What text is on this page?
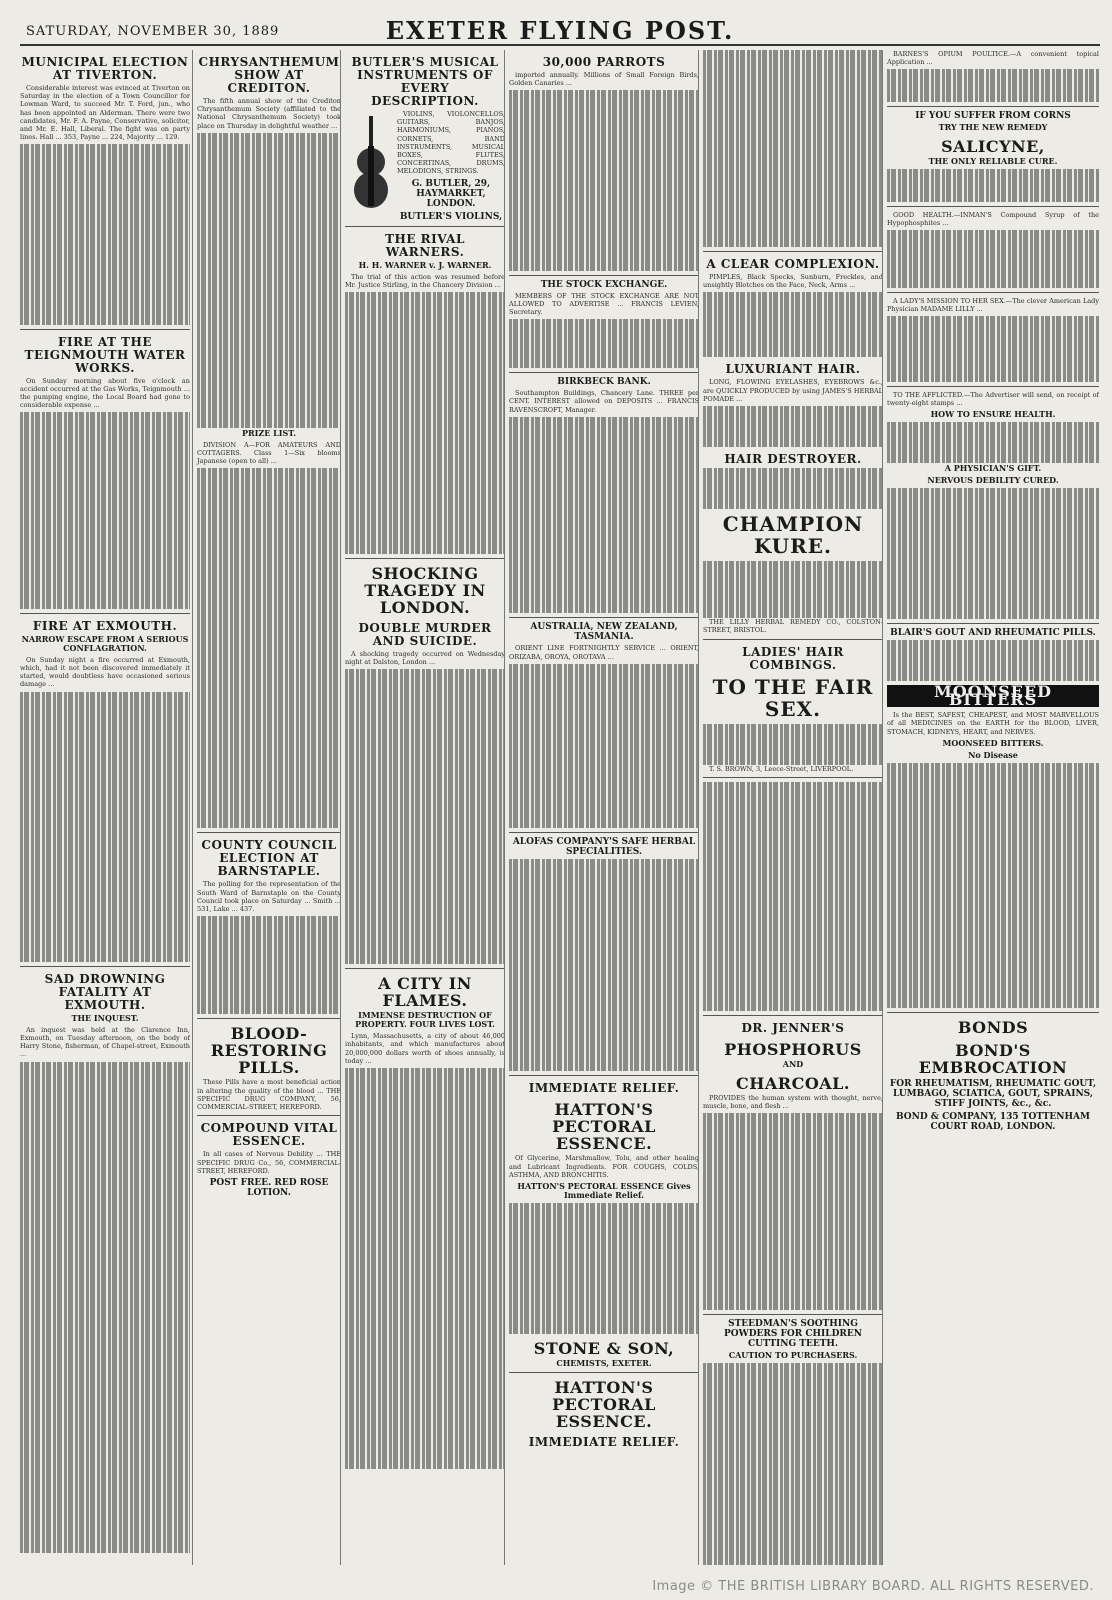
SATURDAY, NOVEMBER 30, 1889	EXETER FLYING POST.
MUNICIPAL ELECTION AT TIVERTON.

Considerable interest was evinced at Tiverton on Saturday in the election of a Town Councillor for Lowman Ward, to succeed Mr. T. Ford, jun., who has been appointed an Alderman. There were two candidates, Mr. F. A. Payne, Conservative, solicitor, and Mr. E. Hall, Liberal. The fight was on party lines. Hall ... 353, Payne ... 224, Majority ... 129.

FIRE AT THE TEIGNMOUTH WATER WORKS.

On Sunday morning about five o'clock an accident occurred at the Gas Works, Teignmouth ... the pumping engine, the Local Board had gone to considerable expense ...

FIRE AT EXMOUTH.
NARROW ESCAPE FROM A SERIOUS CONFLAGRATION.

On Sunday night a fire occurred at Exmouth, which, had it not been discovered immediately it started, would doubtless have occasioned serious damage ...

SAD DROWNING FATALITY AT EXMOUTH.
THE INQUEST.

An inquest was held at the Clarence Inn, Exmouth, on Tuesday afternoon, on the body of Harry Stone, fisherman, of Chapel-street, Exmouth ...

CHRYSANTHEMUM SHOW AT CREDITON.

The fifth annual show of the Crediton Chrysanthemum Society (affiliated to the National Chrysanthemum Society) took place on Thursday in delightful weather ...

PRIZE LIST.

DIVISION A—FOR AMATEURS AND COTTAGERS. Class 1—Six blooms Japanese (open to all) ...

COUNTY COUNCIL ELECTION AT BARNSTAPLE.

The polling for the representation of the South Ward of Barnstaple on the County Council took place on Saturday ... Smith ... 531, Lake ... 437.

BLOOD-RESTORING PILLS.

These Pills have a most beneficial action in altering the quality of the blood ... THE SPECIFIC DRUG COMPANY, 56, COMMERCIAL-STREET, HEREFORD.

COMPOUND VITAL ESSENCE.

In all cases of Nervous Debility ... THE SPECIFIC DRUG Co., 56, COMMERCIAL-STREET, HEREFORD.

POST FREE. RED ROSE LOTION.
BUTLER'S MUSICAL INSTRUMENTS OF EVERY DESCRIPTION.

VIOLINS, VIOLONCELLOS, GUITARS, BANJOS, HARMONIUMS, PIANOS, CORNETS, BAND INSTRUMENTS, MUSICAL BOXES, FLUTES, CONCERTINAS, DRUMS, MELODIONS, STRINGS.

G. BUTLER, 29, HAYMARKET, LONDON.
BUTLER'S VIOLINS,
THE RIVAL WARNERS.
H. H. WARNER v. J. WARNER.

The trial of this action was resumed before Mr. Justice Stirling, in the Chancery Division ...

SHOCKING TRAGEDY IN LONDON.
DOUBLE MURDER AND SUICIDE.

A shocking tragedy occurred on Wednesday night at Dalston, London ...

A CITY IN FLAMES.
IMMENSE DESTRUCTION OF PROPERTY. FOUR LIVES LOST.

Lynn, Massachusetts, a city of about 46,000 inhabitants, and which manufactures about 20,000,000 dollars worth of shoes annually, is today ...

30,000 PARROTS

imported annually. Millions of Small Foreign Birds, Golden Canaries ...

THE STOCK EXCHANGE.

MEMBERS OF THE STOCK EXCHANGE ARE NOT ALLOWED TO ADVERTISE ... FRANCIS LEVIEN, Secretary.

BIRKBECK BANK.

Southampton Buildings, Chancery Lane. THREE per CENT. INTEREST allowed on DEPOSITS ... FRANCIS RAVENSCROFT, Manager.

AUSTRALIA, NEW ZEALAND, TASMANIA.

ORIENT LINE FORTNIGHTLY SERVICE ... ORIENT, ORIZABA, OROYA, OROTAVA ...

ALOFAS COMPANY'S SAFE HERBAL SPECIALITIES.
IMMEDIATE RELIEF.
HATTON'S PECTORAL ESSENCE.

Of Glycerine, Marshmallow, Tolu, and other healing and Lubricant Ingredients. FOR COUGHS, COLDS, ASTHMA, AND BRONCHITIS.

HATTON'S PECTORAL ESSENCE Gives Immediate Relief.
STONE & SON,
CHEMISTS, EXETER.
HATTON'S PECTORAL ESSENCE.
IMMEDIATE RELIEF.
A CLEAR COMPLEXION.

PIMPLES, Black Specks, Sunburn, Freckles, and unsightly Blotches on the Face, Neck, Arms ...

LUXURIANT HAIR.

LONG, FLOWING EYELASHES, EYEBROWS &c., are QUICKLY PRODUCED by using JAMES'S HERBAL POMADE ...

HAIR DESTROYER.
CHAMPION KURE.

THE LILLY HERBAL REMEDY CO., COLSTON-STREET, BRISTOL.

LADIES' HAIR COMBINGS.
TO THE FAIR SEX.

T. S. BROWN, 3, Leece-Street, LIVERPOOL.

DR. JENNER'S
PHOSPHORUS
AND
CHARCOAL.

PROVIDES the human system with thought, nerve, muscle, bone, and flesh ...

STEEDMAN'S SOOTHING POWDERS FOR CHILDREN CUTTING TEETH.
CAUTION TO PURCHASERS.

BARNES'S OPIUM POULTICE.—A convenient topical Application ...

IF YOU SUFFER FROM CORNS
TRY THE NEW REMEDY
SALICYNE,
THE ONLY RELIABLE CURE.

GOOD HEALTH.—INMAN'S Compound Syrup of the Hypophosphites ...

A LADY'S MISSION TO HER SEX.—The clever American Lady Physician MADAME LILLY ...

TO THE AFFLICTED.—The Advertiser will send, on receipt of twenty-eight stamps ...

HOW TO ENSURE HEALTH.
A PHYSICIAN'S GIFT.
NERVOUS DEBILITY CURED.
BLAIR'S GOUT AND RHEUMATIC PILLS.
MOONSEED BITTERS

Is the BEST, SAFEST, CHEAPEST, and MOST MARVELLOUS of all MEDICINES on the EARTH for the BLOOD, LIVER, STOMACH, KIDNEYS, HEART, and NERVES.

MOONSEED BITTERS.
No Disease
BONDS
BOND'S EMBROCATION
FOR RHEUMATISM, RHEUMATIC GOUT, LUMBAGO, SCIATICA, GOUT, SPRAINS, STIFF JOINTS, &c., &c.
BOND & COMPANY, 135 TOTTENHAM COURT ROAD, LONDON.
Image © THE BRITISH LIBRARY BOARD. ALL RIGHTS RESERVED.
